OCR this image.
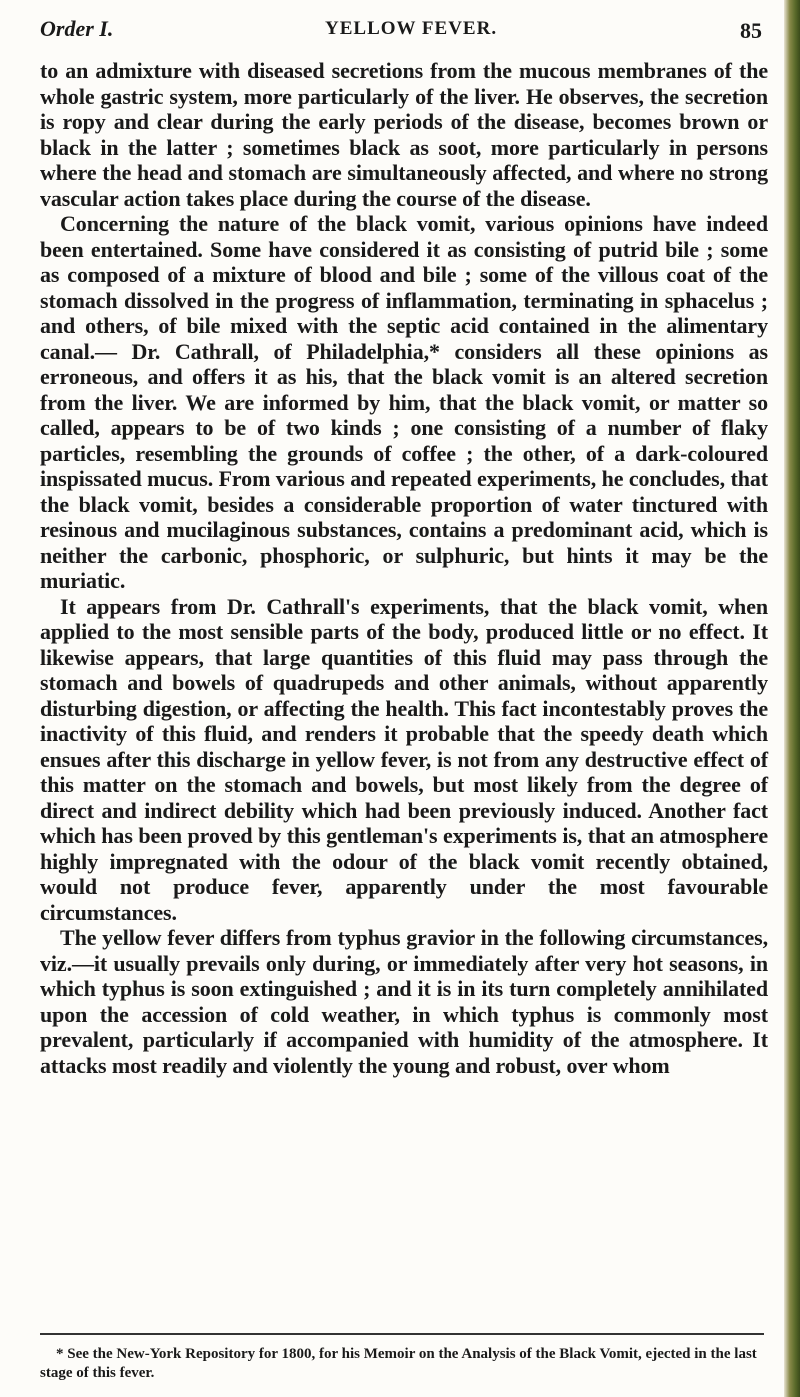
Order I.	YELLOW FEVER.	85

to an admixture with diseased secretions from the mucous membranes of the whole gastric system, more particularly of the liver. He observes, the secretion is ropy and clear during the early periods of the disease, becomes brown or black in the latter ; sometimes black as soot, more particularly in persons where the head and stomach are simultaneously affected, and where no strong vascular action takes place during the course of the disease.

Concerning the nature of the black vomit, various opinions have indeed been entertained. Some have considered it as consisting of putrid bile ; some as composed of a mixture of blood and bile ; some of the villous coat of the stomach dissolved in the progress of inflammation, terminating in sphacelus ; and others, of bile mixed with the septic acid contained in the alimentary canal.— Dr. Cathrall, of Philadelphia,* considers all these opinions as erroneous, and offers it as his, that the black vomit is an altered secretion from the liver. We are informed by him, that the black vomit, or matter so called, appears to be of two kinds ; one consisting of a number of flaky particles, resembling the grounds of coffee ; the other, of a dark-coloured inspissated mucus. From various and repeated experiments, he concludes, that the black vomit, besides a considerable proportion of water tinctured with resinous and mucilaginous substances, contains a predominant acid, which is neither the carbonic, phosphoric, or sulphuric, but hints it may be the muriatic.

It appears from Dr. Cathrall's experiments, that the black vomit, when applied to the most sensible parts of the body, produced little or no effect. It likewise appears, that large quantities of this fluid may pass through the stomach and bowels of quadrupeds and other animals, without apparently disturbing digestion, or affecting the health. This fact incontestably proves the inactivity of this fluid, and renders it probable that the speedy death which ensues after this discharge in yellow fever, is not from any destructive effect of this matter on the stomach and bowels, but most likely from the degree of direct and indirect debility which had been previously induced. Another fact which has been proved by this gentleman's experiments is, that an atmosphere highly impregnated with the odour of the black vomit recently obtained, would not produce fever, apparently under the most favourable circumstances.

The yellow fever differs from typhus gravior in the following circumstances, viz.—it usually prevails only during, or immediately after very hot seasons, in which typhus is soon extinguished ; and it is in its turn completely annihilated upon the accession of cold weather, in which typhus is commonly most prevalent, particularly if accompanied with humidity of the atmosphere. It attacks most readily and violently the young and robust, over whom

* See the New-York Repository for 1800, for his Memoir on the Analysis of the Black Vomit, ejected in the last stage of this fever.
